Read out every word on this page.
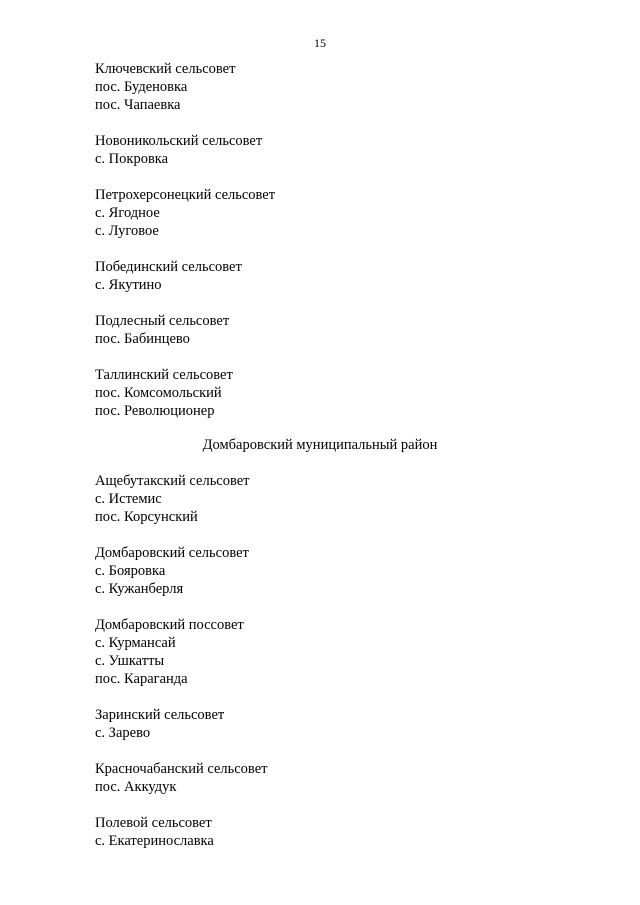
15
Ключевский сельсовет
пос. Буденовка
пос. Чапаевка
Новоникольский сельсовет
с. Покровка
Петрохерсонецкий сельсовет
с. Ягодное
с. Луговое
Побединский сельсовет
с. Якутино
Подлесный сельсовет
пос. Бабинцево
Таллинский сельсовет
пос. Комсомольский
пос. Революционер
Домбаровский муниципальный район
Ащебутакский сельсовет
с. Истемис
пос. Корсунский
Домбаровский сельсовет
с. Бояровка
с. Кужанберля
Домбаровский поссовет
с. Курмансай
с. Ушкатты
пос. Караганда
Заринский сельсовет
с. Зарево
Красночабанский сельсовет
пос. Аккудук
Полевой сельсовет
с. Екатеринославка
